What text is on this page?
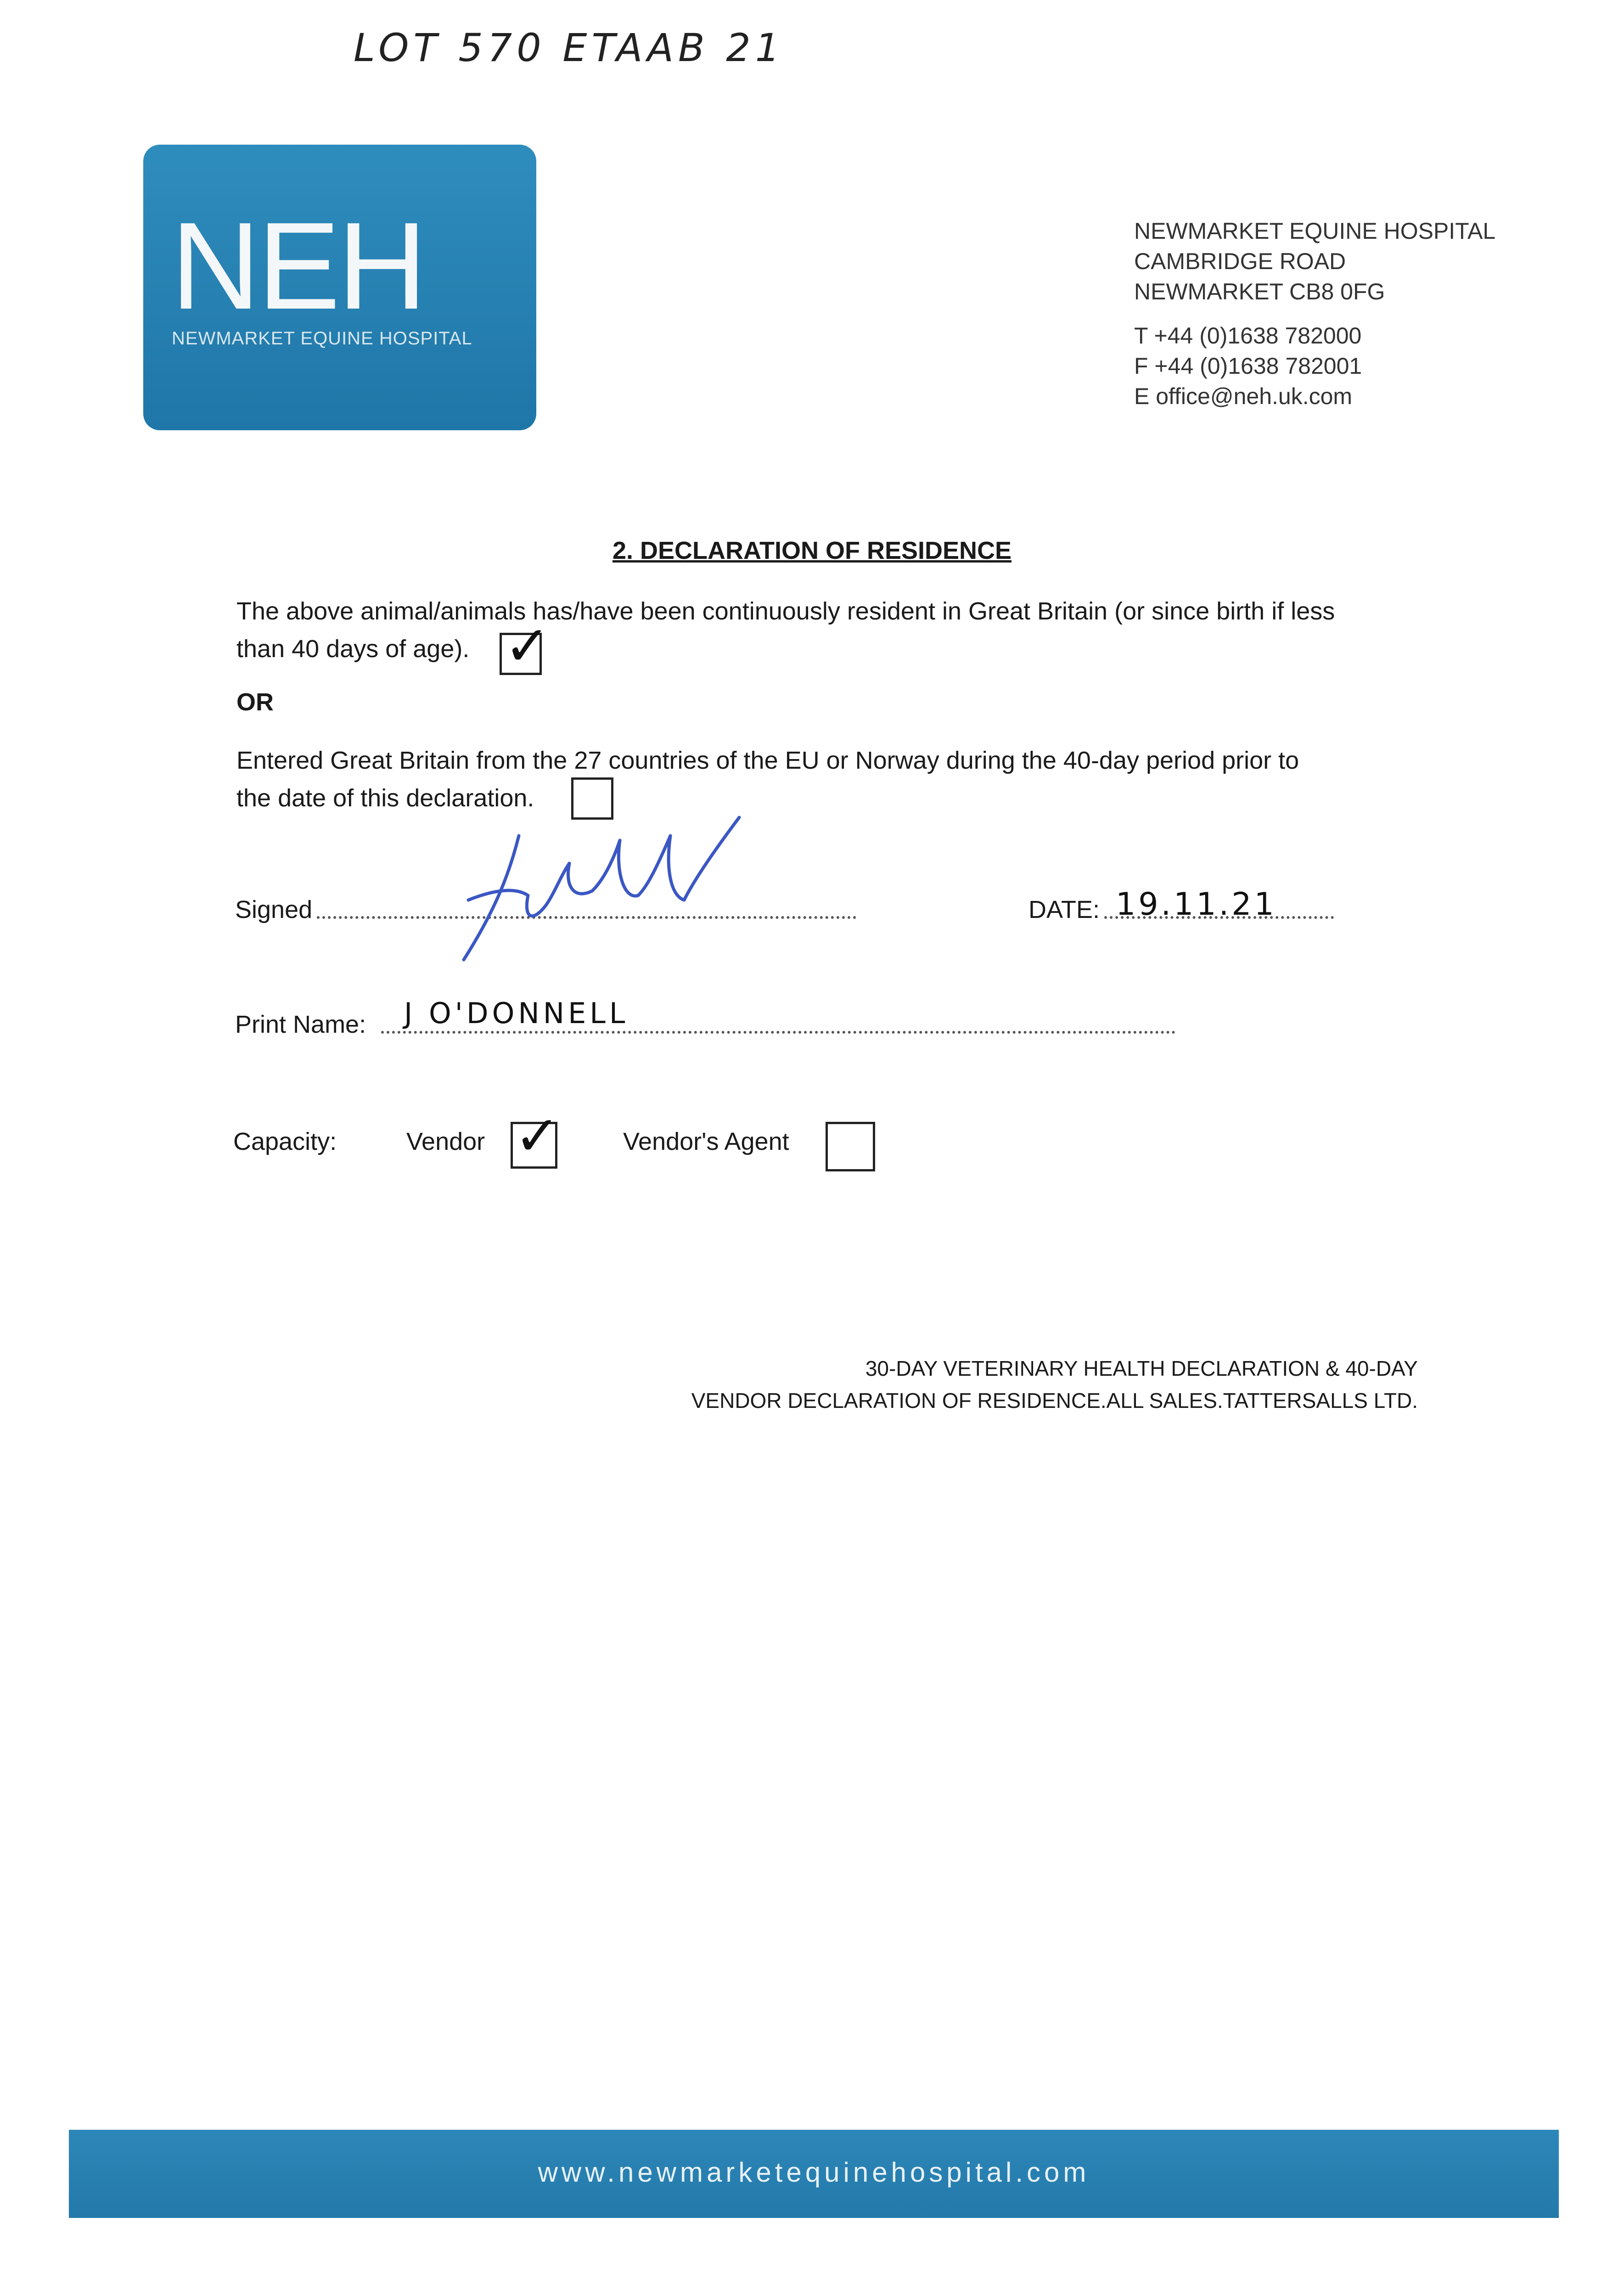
LOT 570 ETAAB 21
NEH
NEWMARKET EQUINE HOSPITAL
NEWMARKET EQUINE HOSPITAL
CAMBRIDGE ROAD
NEWMARKET CB8 0FG
T +44 (0)1638 782000
F +44 (0)1638 782001
E office@neh.uk.com
2. DECLARATION OF RESIDENCE
The above animal/animals has/have been continuously resident in Great Britain (or since birth if less
than 40 days of age). ✓
OR
Entered Great Britain from the 27 countries of the EU or Norway during the 40-day period prior to
the date of this declaration.
Signed	DATE: 19.11.21
Print Name: J O'DONNELL
Capacity:	Vendor ✓	Vendor's Agent
30-DAY VETERINARY HEALTH DECLARATION & 40-DAY
VENDOR DECLARATION OF RESIDENCE.ALL SALES.TATTERSALLS LTD.
www.newmarketequinehospital.com
